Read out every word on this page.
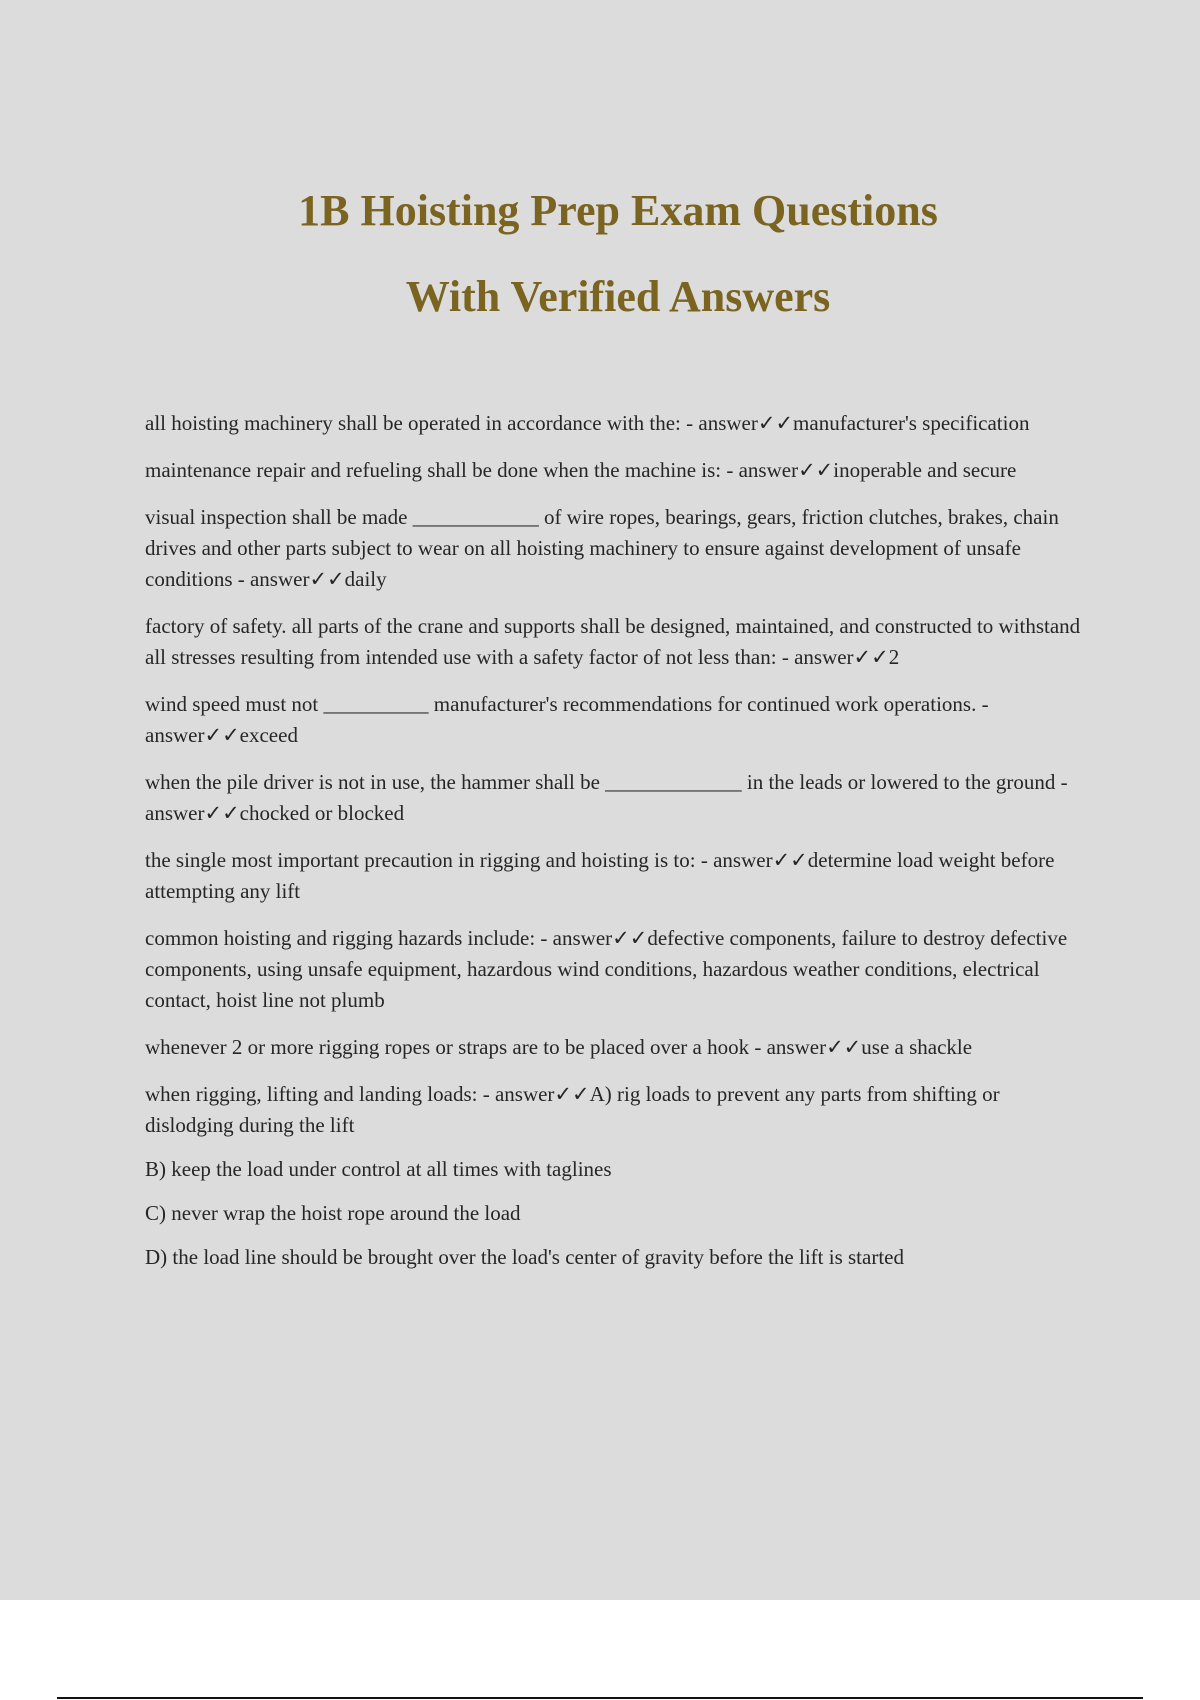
1B Hoisting Prep Exam Questions

With Verified Answers

all hoisting machinery shall be operated in accordance with the: - answer✓✓manufacturer's specification

maintenance repair and refueling shall be done when the machine is: - answer✓✓inoperable and secure

visual inspection shall be made ____________ of wire ropes, bearings, gears, friction clutches, brakes, chain drives and other parts subject to wear on all hoisting machinery to ensure against development of unsafe conditions - answer✓✓daily

factory of safety. all parts of the crane and supports shall be designed, maintained, and constructed to withstand all stresses resulting from intended use with a safety factor of not less than: - answer✓✓2

wind speed must not __________ manufacturer's recommendations for continued work operations. - answer✓✓exceed

when the pile driver is not in use, the hammer shall be _____________ in the leads or lowered to the ground - answer✓✓chocked or blocked

the single most important precaution in rigging and hoisting is to: - answer✓✓determine load weight before attempting any lift

common hoisting and rigging hazards include: - answer✓✓defective components, failure to destroy defective components, using unsafe equipment, hazardous wind conditions, hazardous weather conditions, electrical contact, hoist line not plumb

whenever 2 or more rigging ropes or straps are to be placed over a hook - answer✓✓use a shackle

when rigging, lifting and landing loads: - answer✓✓A) rig loads to prevent any parts from shifting or dislodging during the lift

B) keep the load under control at all times with taglines

C) never wrap the hoist rope around the load

D) the load line should be brought over the load's center of gravity before the lift is started
